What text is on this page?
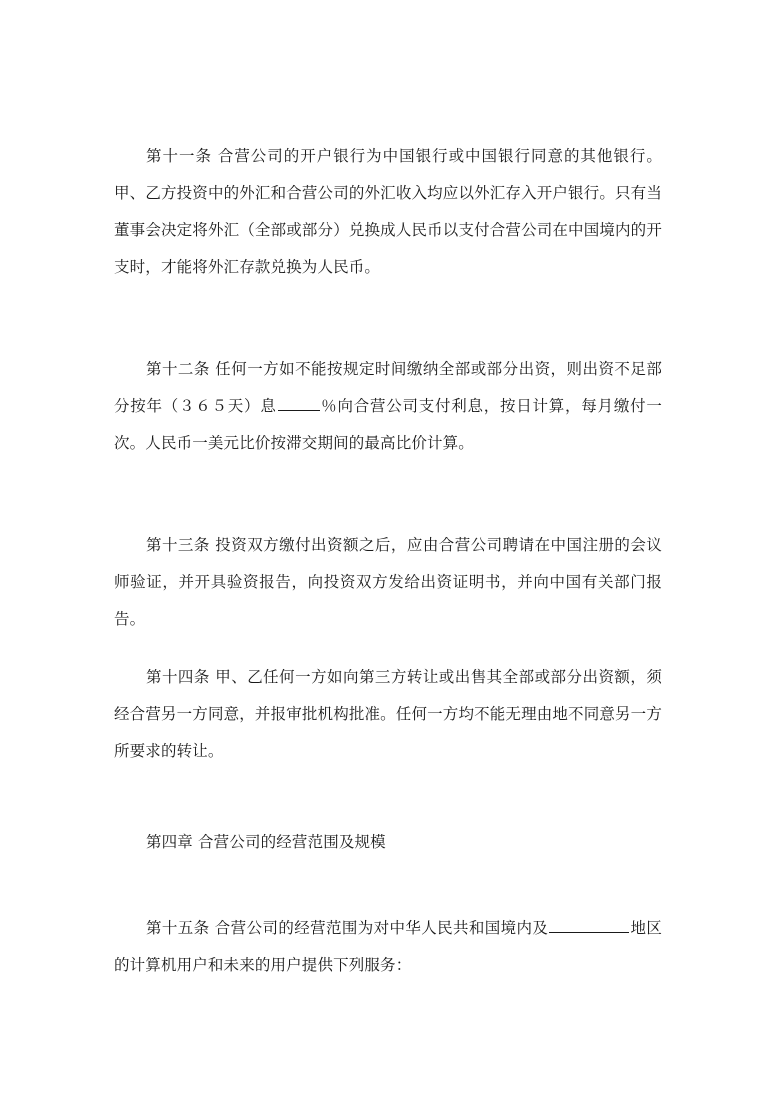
第十一条 合营公司的开户银行为中国银行或中国银行同意的其他银行。甲、乙方投资中的外汇和合营公司的外汇收入均应以外汇存入开户银行。只有当董事会决定将外汇（全部或部分）兑换成人民币以支付合营公司在中国境内的开支时，才能将外汇存款兑换为人民币。

第十二条 任何一方如不能按规定时间缴纳全部或部分出资，则出资不足部分按年（３６５天）息	％向合营公司支付利息，按日计算，每月缴付一次。人民币一美元比价按滞交期间的最高比价计算。

第十三条 投资双方缴付出资额之后，应由合营公司聘请在中国注册的会议师验证，并开具验资报告，向投资双方发给出资证明书，并向中国有关部门报告。

第十四条 甲、乙任何一方如向第三方转让或出售其全部或部分出资额，须经合营另一方同意，并报审批机构批准。任何一方均不能无理由地不同意另一方所要求的转让。

第四章 合营公司的经营范围及规模

第十五条 合营公司的经营范围为对中华人民共和国境内及	地区的计算机用户和未来的用户提供下列服务：
